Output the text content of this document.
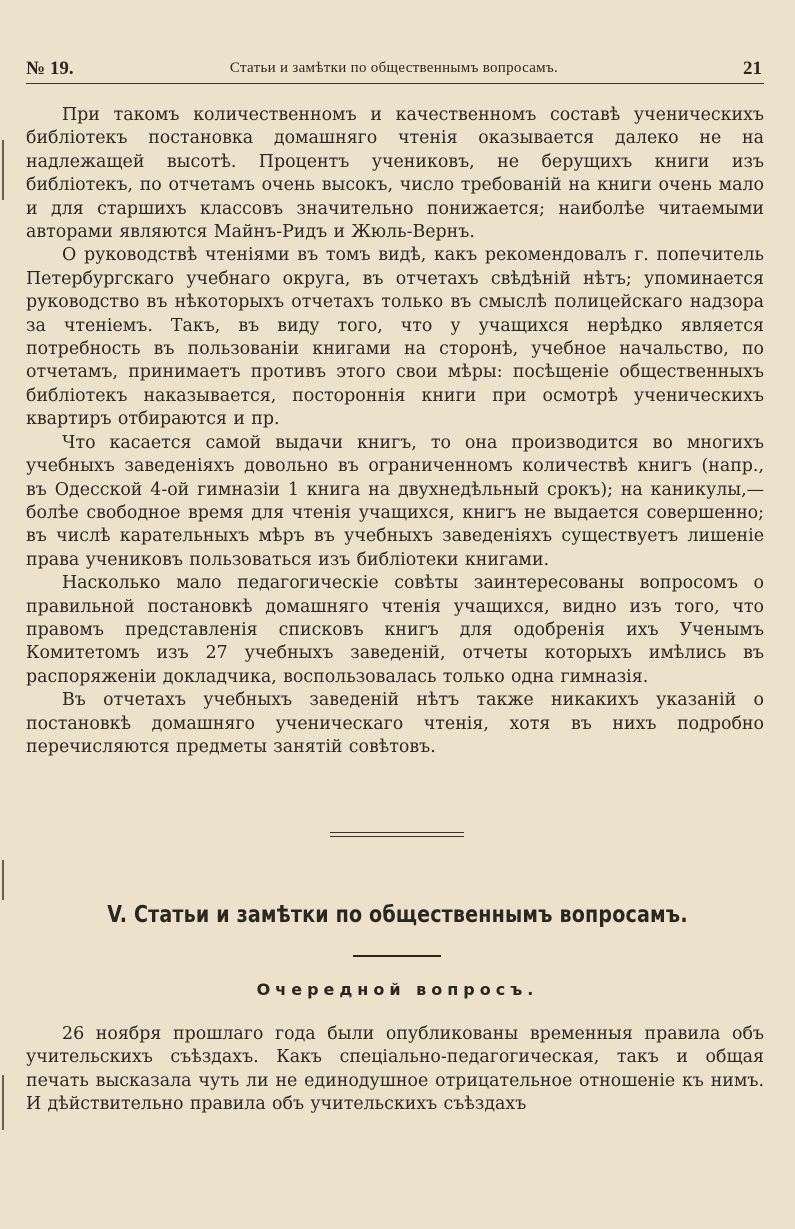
№ 19.	Статьи и замѣтки по общественнымъ вопросамъ.	21

При такомъ количественномъ и качественномъ составѣ ученическихъ библіотекъ постановка домашняго чтенія оказывается далеко не на надлежащей высотѣ. Процентъ учениковъ, не берущихъ книги изъ библіотекъ, по отчетамъ очень высокъ, число требованій на книги очень мало и для старшихъ классовъ значительно понижается; наиболѣе читаемыми авторами являются Майнъ-Ридъ и Жюль-Вернъ.

О руководствѣ чтеніями въ томъ видѣ, какъ рекомендовалъ г. попечитель Петербургскаго учебнаго округа, въ отчетахъ свѣдѣній нѣтъ; упоминается руководство въ нѣкоторыхъ отчетахъ только въ смыслѣ полицейскаго надзора за чтеніемъ. Такъ, въ виду того, что у учащихся нерѣдко является потребность въ пользованіи книгами на сторонѣ, учебное начальство, по отчетамъ, принимаетъ противъ этого свои мѣры: посѣщеніе общественныхъ библіотекъ наказывается, постороннія книги при осмотрѣ ученическихъ квартиръ отбираются и пр.

Что касается самой выдачи книгъ, то она производится во многихъ учебныхъ заведеніяхъ довольно въ ограниченномъ количествѣ книгъ (напр., въ Одесской 4-ой гимназіи 1 книга на двухнедѣльный срокъ); на каникулы,—болѣе свободное время для чтенія учащихся, книгъ не выдается совершенно; въ числѣ карательныхъ мѣръ въ учебныхъ заведеніяхъ существуетъ лишеніе права учениковъ пользоваться изъ библіотеки книгами.

Насколько мало педагогическіе совѣты заинтересованы вопросомъ о правильной постановкѣ домашняго чтенія учащихся, видно изъ того, что правомъ представленія списковъ книгъ для одобренія ихъ Ученымъ Комитетомъ изъ 27 учебныхъ заведеній, отчеты которыхъ имѣлись въ распоряженіи докладчика, воспользовалась только одна гимназія.

Въ отчетахъ учебныхъ заведеній нѣтъ также никакихъ указаній о постановкѣ домашняго ученическаго чтенія, хотя въ нихъ подробно перечисляются предметы занятій совѣтовъ.

V. Статьи и замѣтки по общественнымъ вопросамъ.
Очередной вопросъ.

26 ноября прошлаго года были опубликованы временныя правила объ учительскихъ съѣздахъ. Какъ спеціально-педагогическая, такъ и общая печать высказала чуть ли не единодушное отрицательное отношеніе къ нимъ. И дѣйствительно правила объ учительскихъ съѣздахъ
